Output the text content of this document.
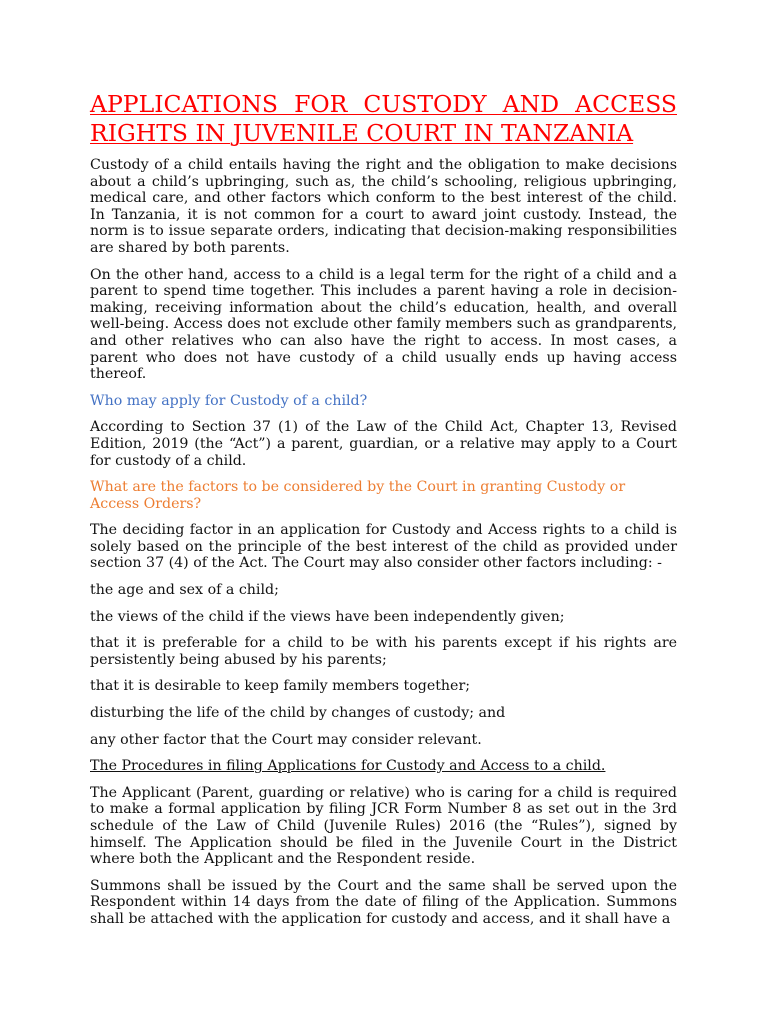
APPLICATIONS FOR CUSTODY AND ACCESS RIGHTS IN JUVENILE COURT IN TANZANIA

Custody of a child entails having the right and the obligation to make decisions about a child’s upbringing, such as, the child’s schooling, religious upbringing, medical care, and other factors which conform to the best interest of the child. In Tanzania, it is not common for a court to award joint custody. Instead, the norm is to issue separate orders, indicating that decision-making responsibilities are shared by both parents.

On the other hand, access to a child is a legal term for the right of a child and a parent to spend time together. This includes a parent having a role in decision-making, receiving information about the child’s education, health, and overall well-being. Access does not exclude other family members such as grandparents, and other relatives who can also have the right to access. In most cases, a parent who does not have custody of a child usually ends up having access thereof.

Who may apply for Custody of a child?

According to Section 37 (1) of the Law of the Child Act, Chapter 13, Revised Edition, 2019 (the “Act”) a parent, guardian, or a relative may apply to a Court for custody of a child.

What are the factors to be considered by the Court in granting Custody or Access Orders?

The deciding factor in an application for Custody and Access rights to a child is solely based on the principle of the best interest of the child as provided under section 37 (4) of the Act. The Court may also consider other factors including: -

the age and sex of a child;

the views of the child if the views have been independently given;

that it is preferable for a child to be with his parents except if his rights are persistently being abused by his parents;

that it is desirable to keep family members together;

disturbing the life of the child by changes of custody; and

any other factor that the Court may consider relevant.

The Procedures in filing Applications for Custody and Access to a child.

The Applicant (Parent, guarding or relative) who is caring for a child is required to make a formal application by filing JCR Form Number 8 as set out in the 3rd schedule of the Law of Child (Juvenile Rules) 2016 (the “Rules”), signed by himself. The Application should be filed in the Juvenile Court in the District where both the Applicant and the Respondent reside.

Summons shall be issued by the Court and the same shall be served upon the Respondent within 14 days from the date of filing of the Application. Summons shall be attached with the application for custody and access, and it shall have a
